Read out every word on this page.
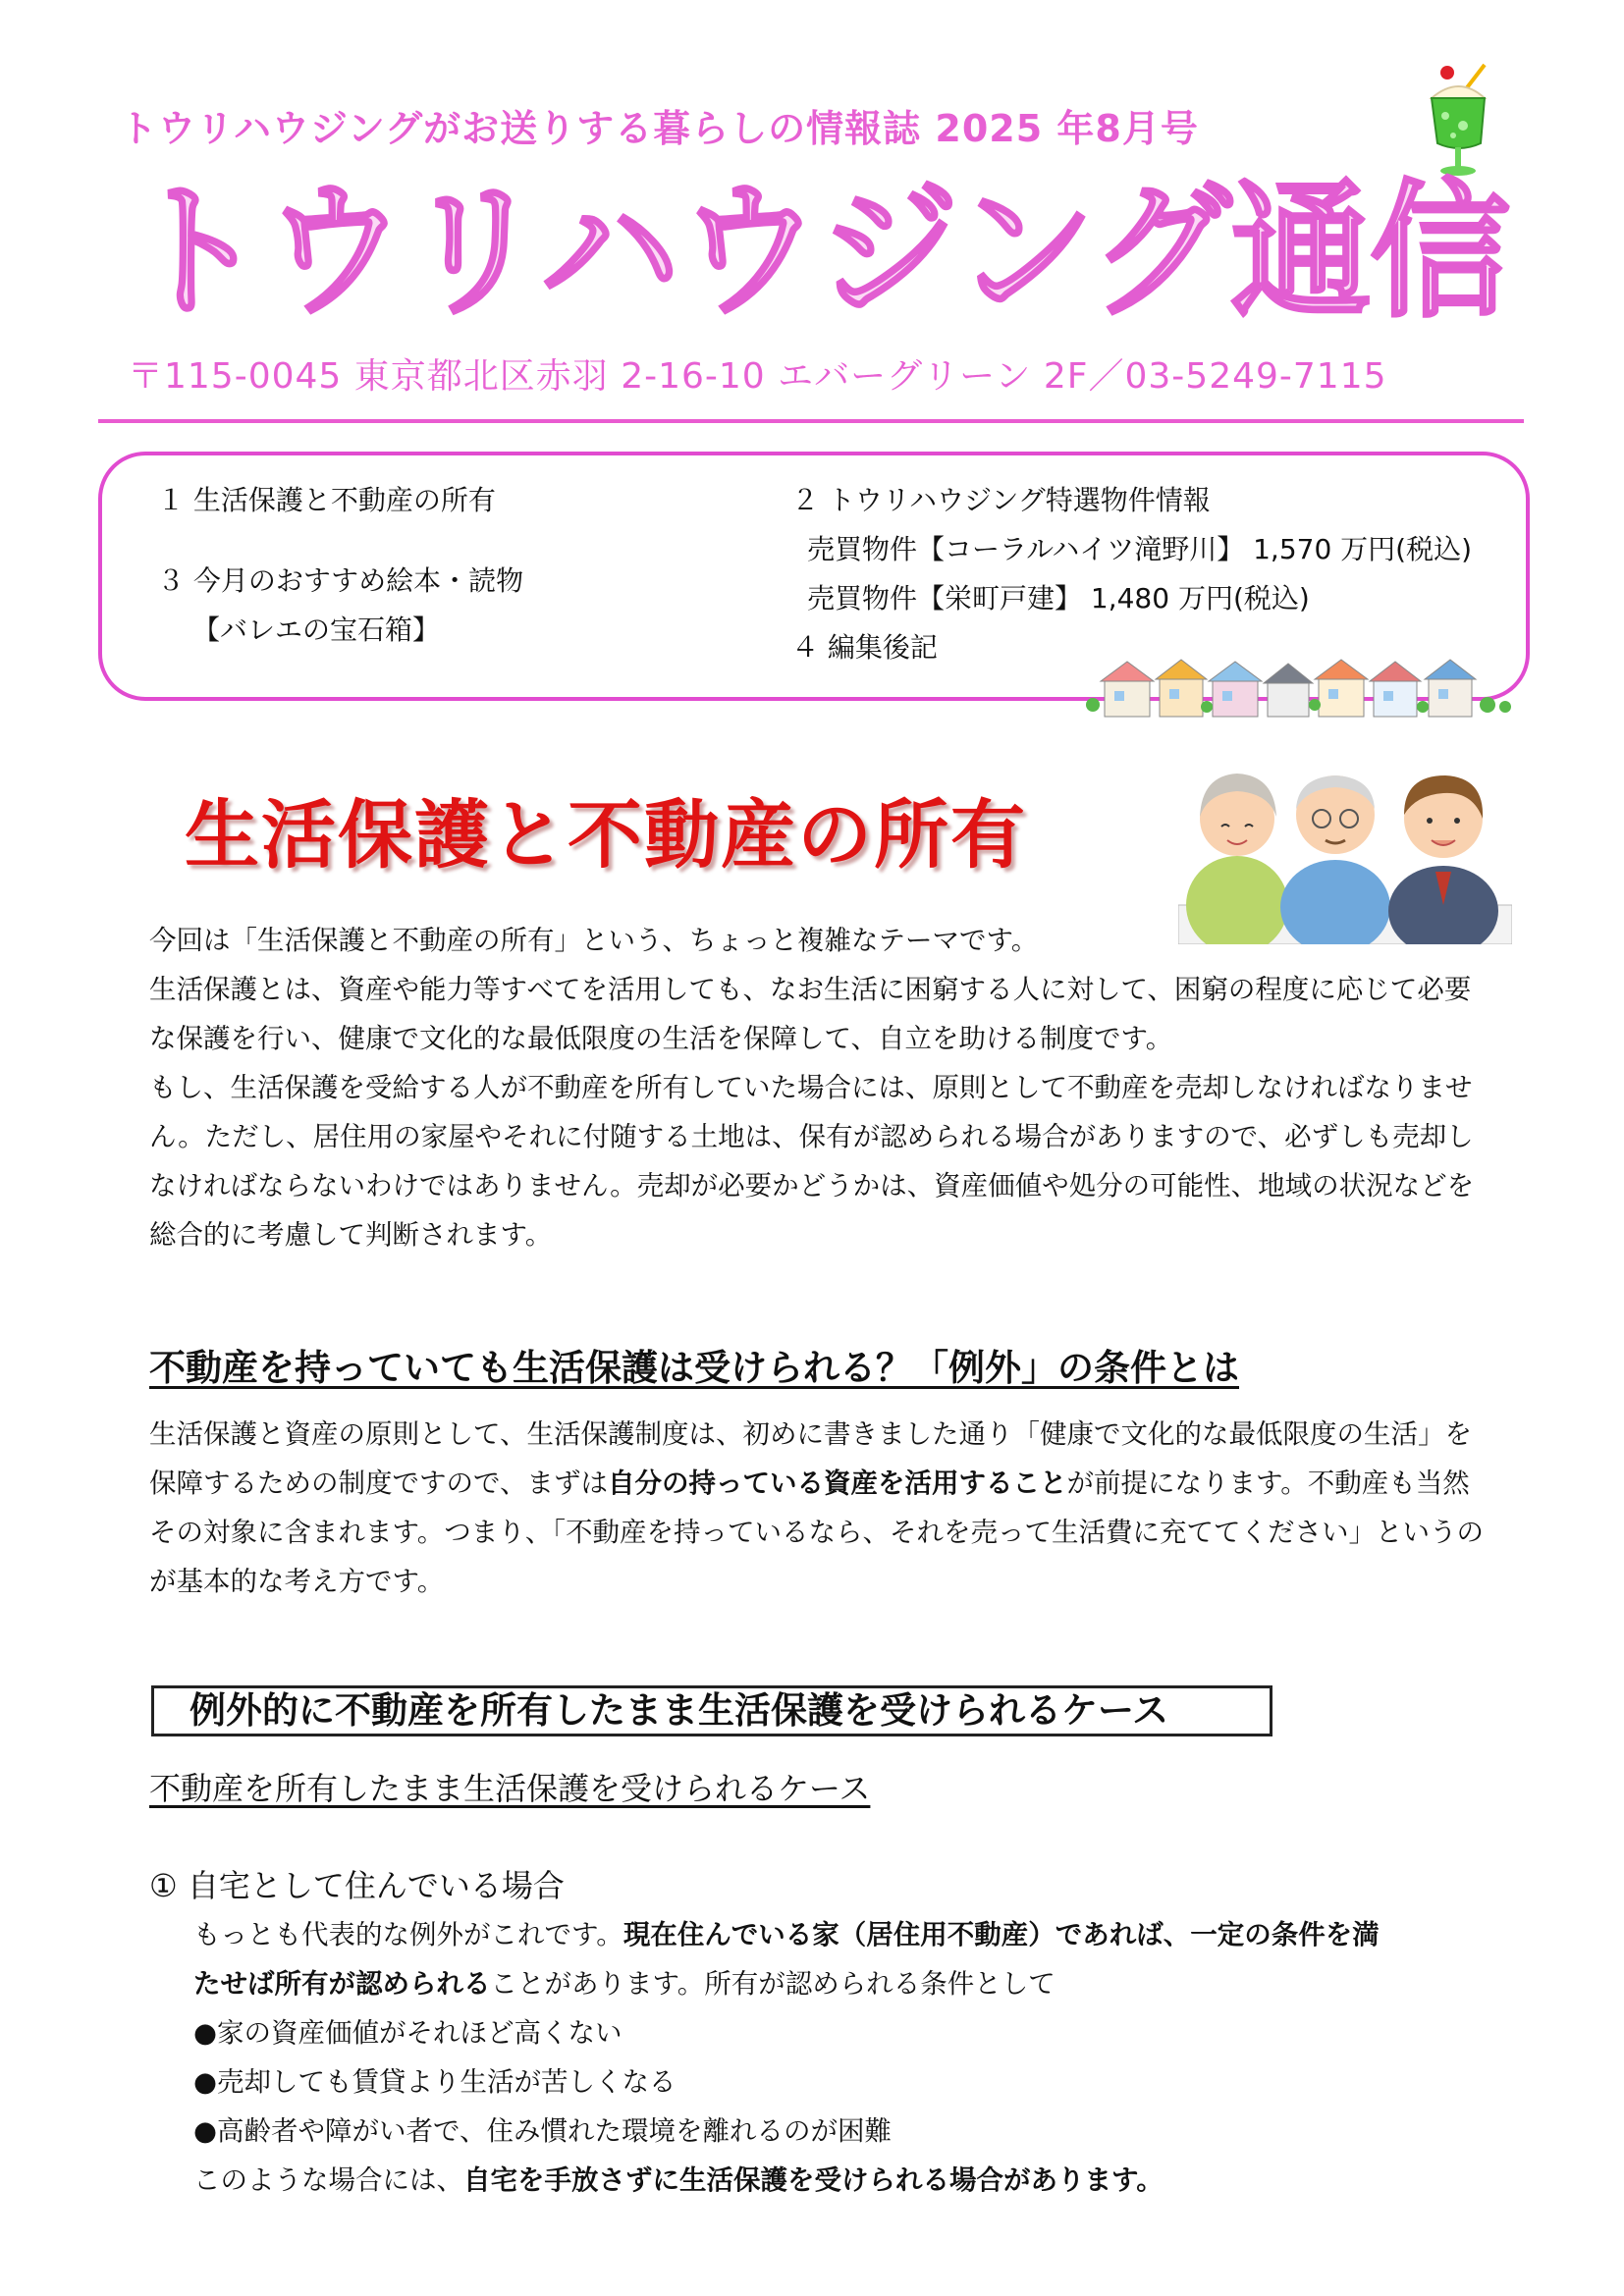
トウリハウジングがお送りする暮らしの情報誌 2025 年8月号
トウリハウジング通信
〒115-0045 東京都北区赤羽 2-16-10 エバーグリーン 2F／03-5249-7115
１ 生活保護と不動産の所有
３ 今月のおすすめ絵本・読物
【バレエの宝石箱】
２ トウリハウジング特選物件情報
売買物件【コーラルハイツ滝野川】 1,570 万円(税込)
売買物件【栄町戸建】 1,480 万円(税込)
４ 編集後記
生活保護と不動産の所有

今回は「生活保護と不動産の所有」という、ちょっと複雑なテーマです。

生活保護とは、資産や能力等すべてを活用しても、なお生活に困窮する人に対して、困窮の程度に応じて必要な保護を行い、健康で文化的な最低限度の生活を保障して、自立を助ける制度です。

もし、生活保護を受給する人が不動産を所有していた場合には、原則として不動産を売却しなければなりません。ただし、居住用の家屋やそれに付随する土地は、保有が認められる場合がありますので、必ずしも売却しなければならないわけではありません。売却が必要かどうかは、資産価値や処分の可能性、地域の状況などを総合的に考慮して判断されます。

不動産を持っていても生活保護は受けられる？「例外」の条件とは

生活保護と資産の原則として、生活保護制度は、初めに書きました通り「健康で文化的な最低限度の生活」を保障するための制度ですので、まずは自分の持っている資産を活用することが前提になります。不動産も当然その対象に含まれます。つまり、「不動産を持っているなら、それを売って生活費に充ててください」というのが基本的な考え方です。

例外的に不動産を所有したまま生活保護を受けられるケース
不動産を所有したまま生活保護を受けられるケース
① 自宅として住んでいる場合

もっとも代表的な例外がこれです。現在住んでいる家（居住用不動産）であれば、一定の条件を満

たせば所有が認められることがあります。所有が認められる条件として

●家の資産価値がそれほど高くない

●売却しても賃貸より生活が苦しくなる

●高齢者や障がい者で、住み慣れた環境を離れるのが困難

このような場合には、自宅を手放さずに生活保護を受けられる場合があります。
